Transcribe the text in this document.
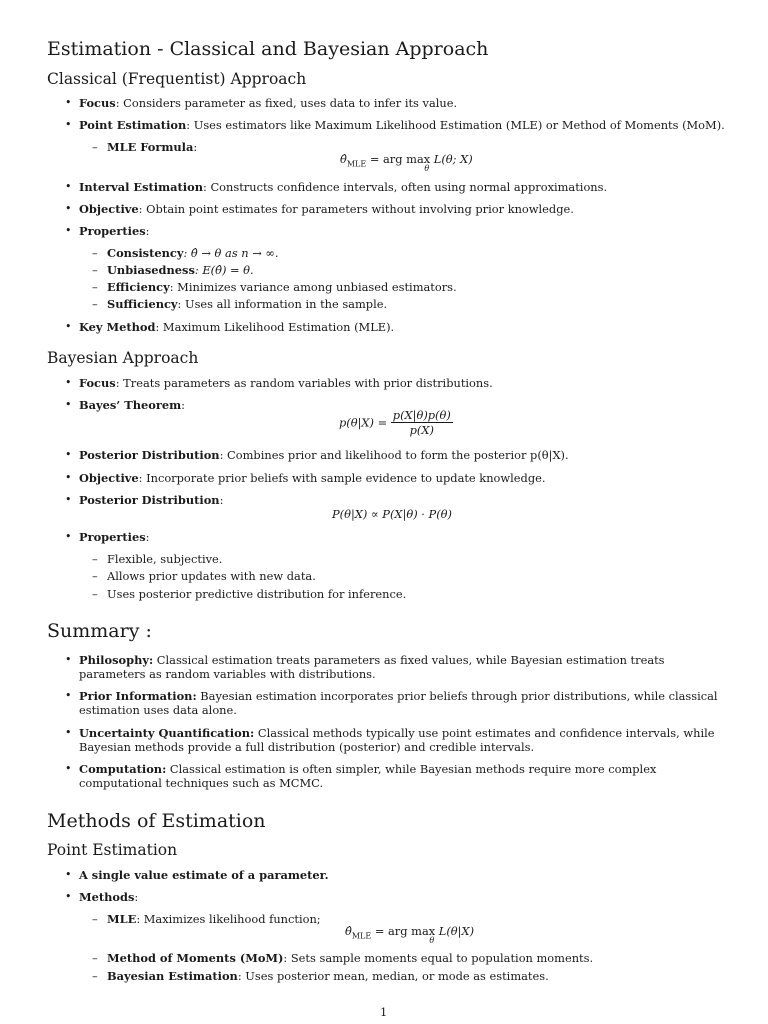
Estimation - Classical and Bayesian Approach
Classical (Frequentist) Approach
• Focus: Considers parameter as fixed, uses data to infer its value.
• Point Estimation: Uses estimators like Maximum Likelihood Estimation (MLE) or Method of Moments (MoM).
– MLE Formula:
$\thetâ_{MLE}$ = arg max
θ
L(θ; X)
• Interval Estimation: Constructs confidence intervals, often using normal approximations.
• Objective: Obtain point estimates for parameters without involving prior knowledge.
• Properties:
– Consistency: θ̂ → θ as n → ∞.
– Unbiasedness: E(θ̂) = θ.
– Efficiency: Minimizes variance among unbiased estimators.
– Sufficiency: Uses all information in the sample.
• Key Method: Maximum Likelihood Estimation (MLE).
Bayesian Approach
• Focus: Treats parameters as random variables with prior distributions.
• Bayes’ Theorem:
$p(\theta|X) = \frac{p(X|\theta)p(\theta)}{p(X)}$
• Posterior Distribution: Combines prior and likelihood to form the posterior p(θ|X).
• Objective: Incorporate prior beliefs with sample evidence to update knowledge.
• Posterior Distribution:
P(θ|X) ∝ P(X|θ) · P(θ)
• Properties:
– Flexible, subjective.
– Allows prior updates with new data.
– Uses posterior predictive distribution for inference.
Summary :
• Philosophy: Classical estimation treats parameters as fixed values, while Bayesian estimation treats parameters as random variables with distributions.
• Prior Information: Bayesian estimation incorporates prior beliefs through prior distributions, while classical estimation uses data alone.
• Uncertainty Quantification: Classical methods typically use point estimates and confidence intervals, while Bayesian methods provide a full distribution (posterior) and credible intervals.
• Computation: Classical estimation is often simpler, while Bayesian methods require more complex computational techniques such as MCMC.
Methods of Estimation
Point Estimation
• A single value estimate of a parameter.
• Methods:
– MLE: Maximizes likelihood function;
$\thetâ_{MLE}$ = arg max
θ
L(θ|X)
– Method of Moments (MoM): Sets sample moments equal to population moments.
– Bayesian Estimation: Uses posterior mean, median, or mode as estimates.
1
